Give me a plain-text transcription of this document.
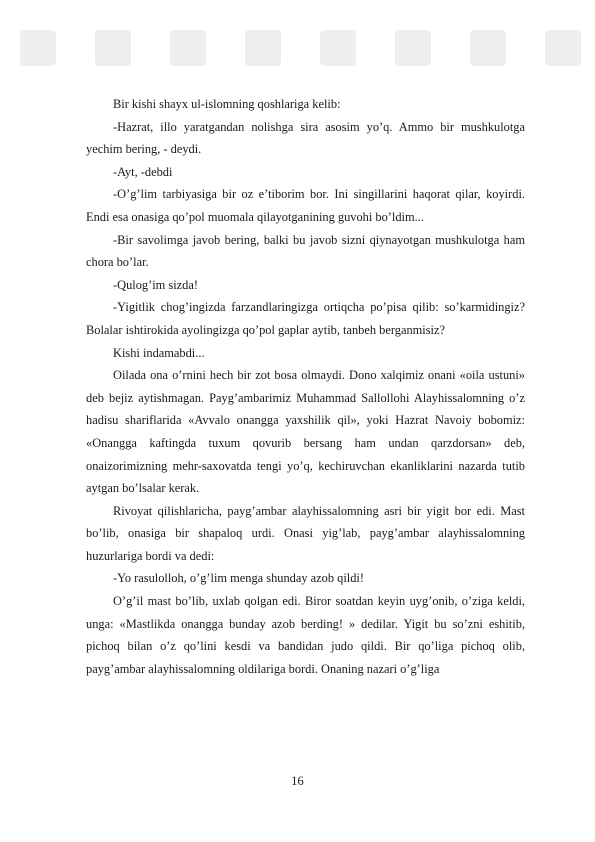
Bir kishi shayx ul-islomning qoshlariga kelib:

-Hazrat, illo yaratgandan nolishga sira asosim yo’q. Ammo bir mushkulotga yechim bering, - deydi.

-Ayt, -debdi

-O’g’lim tarbiyasiga bir oz e’tiborim bor. Ini singillarini haqorat qilar, koyirdi. Endi esa onasiga qo’pol muomala qilayotganining guvohi bo’ldim...

-Bir savolimga javob bering, balki bu javob sizni qiynayotgan mushkulotga ham chora bo’lar.

-Qulog’im sizda!

-Yigitlik chog’ingizda farzandlaringizga ortiqcha po’pisa qilib: so’karmidingiz? Bolalar ishtirokida ayolingizga qo’pol gaplar aytib, tanbeh berganmisiz?

Kishi indamabdi...

Oilada ona o’rnini hech bir zot bosa olmaydi. Dono xalqimiz onani «oila ustuni» deb bejiz aytishmagan. Payg’ambarimiz Muhammad Sallollohi Alayhissalomning o’z hadisu shariflarida «Avvalo onangga yaxshilik qil», yoki Hazrat Navoiy bobomiz: «Onangga kaftingda tuxum qovurib bersang ham undan qarzdorsan» deb, onaizorimizning mehr-saxovatda tengi yo’q, kechiruvchan ekanliklarini nazarda tutib aytgan bo’lsalar kerak.

Rivoyat qilishlaricha, payg’ambar alayhissalomning asri bir yigit bor edi. Mast bo’lib, onasiga bir shapaloq urdi. Onasi yig’lab, payg’ambar alayhissalomning huzurlariga bordi va dedi:

-Yo rasulolloh, o’g’lim menga shunday azob qildi!

O’g’il mast bo’lib, uxlab qolgan edi. Biror soatdan keyin uyg’onib, o’ziga keldi, unga: «Mastlikda onangga bunday azob berding! » dedilar. Yigit bu so’zni eshitib, pichoq bilan o’z qo’lini kesdi va bandidan judo qildi. Bir qo’liga pichoq olib, payg’ambar alayhissalomning oldilariga bordi. Onaning nazari o’g’liga

16
